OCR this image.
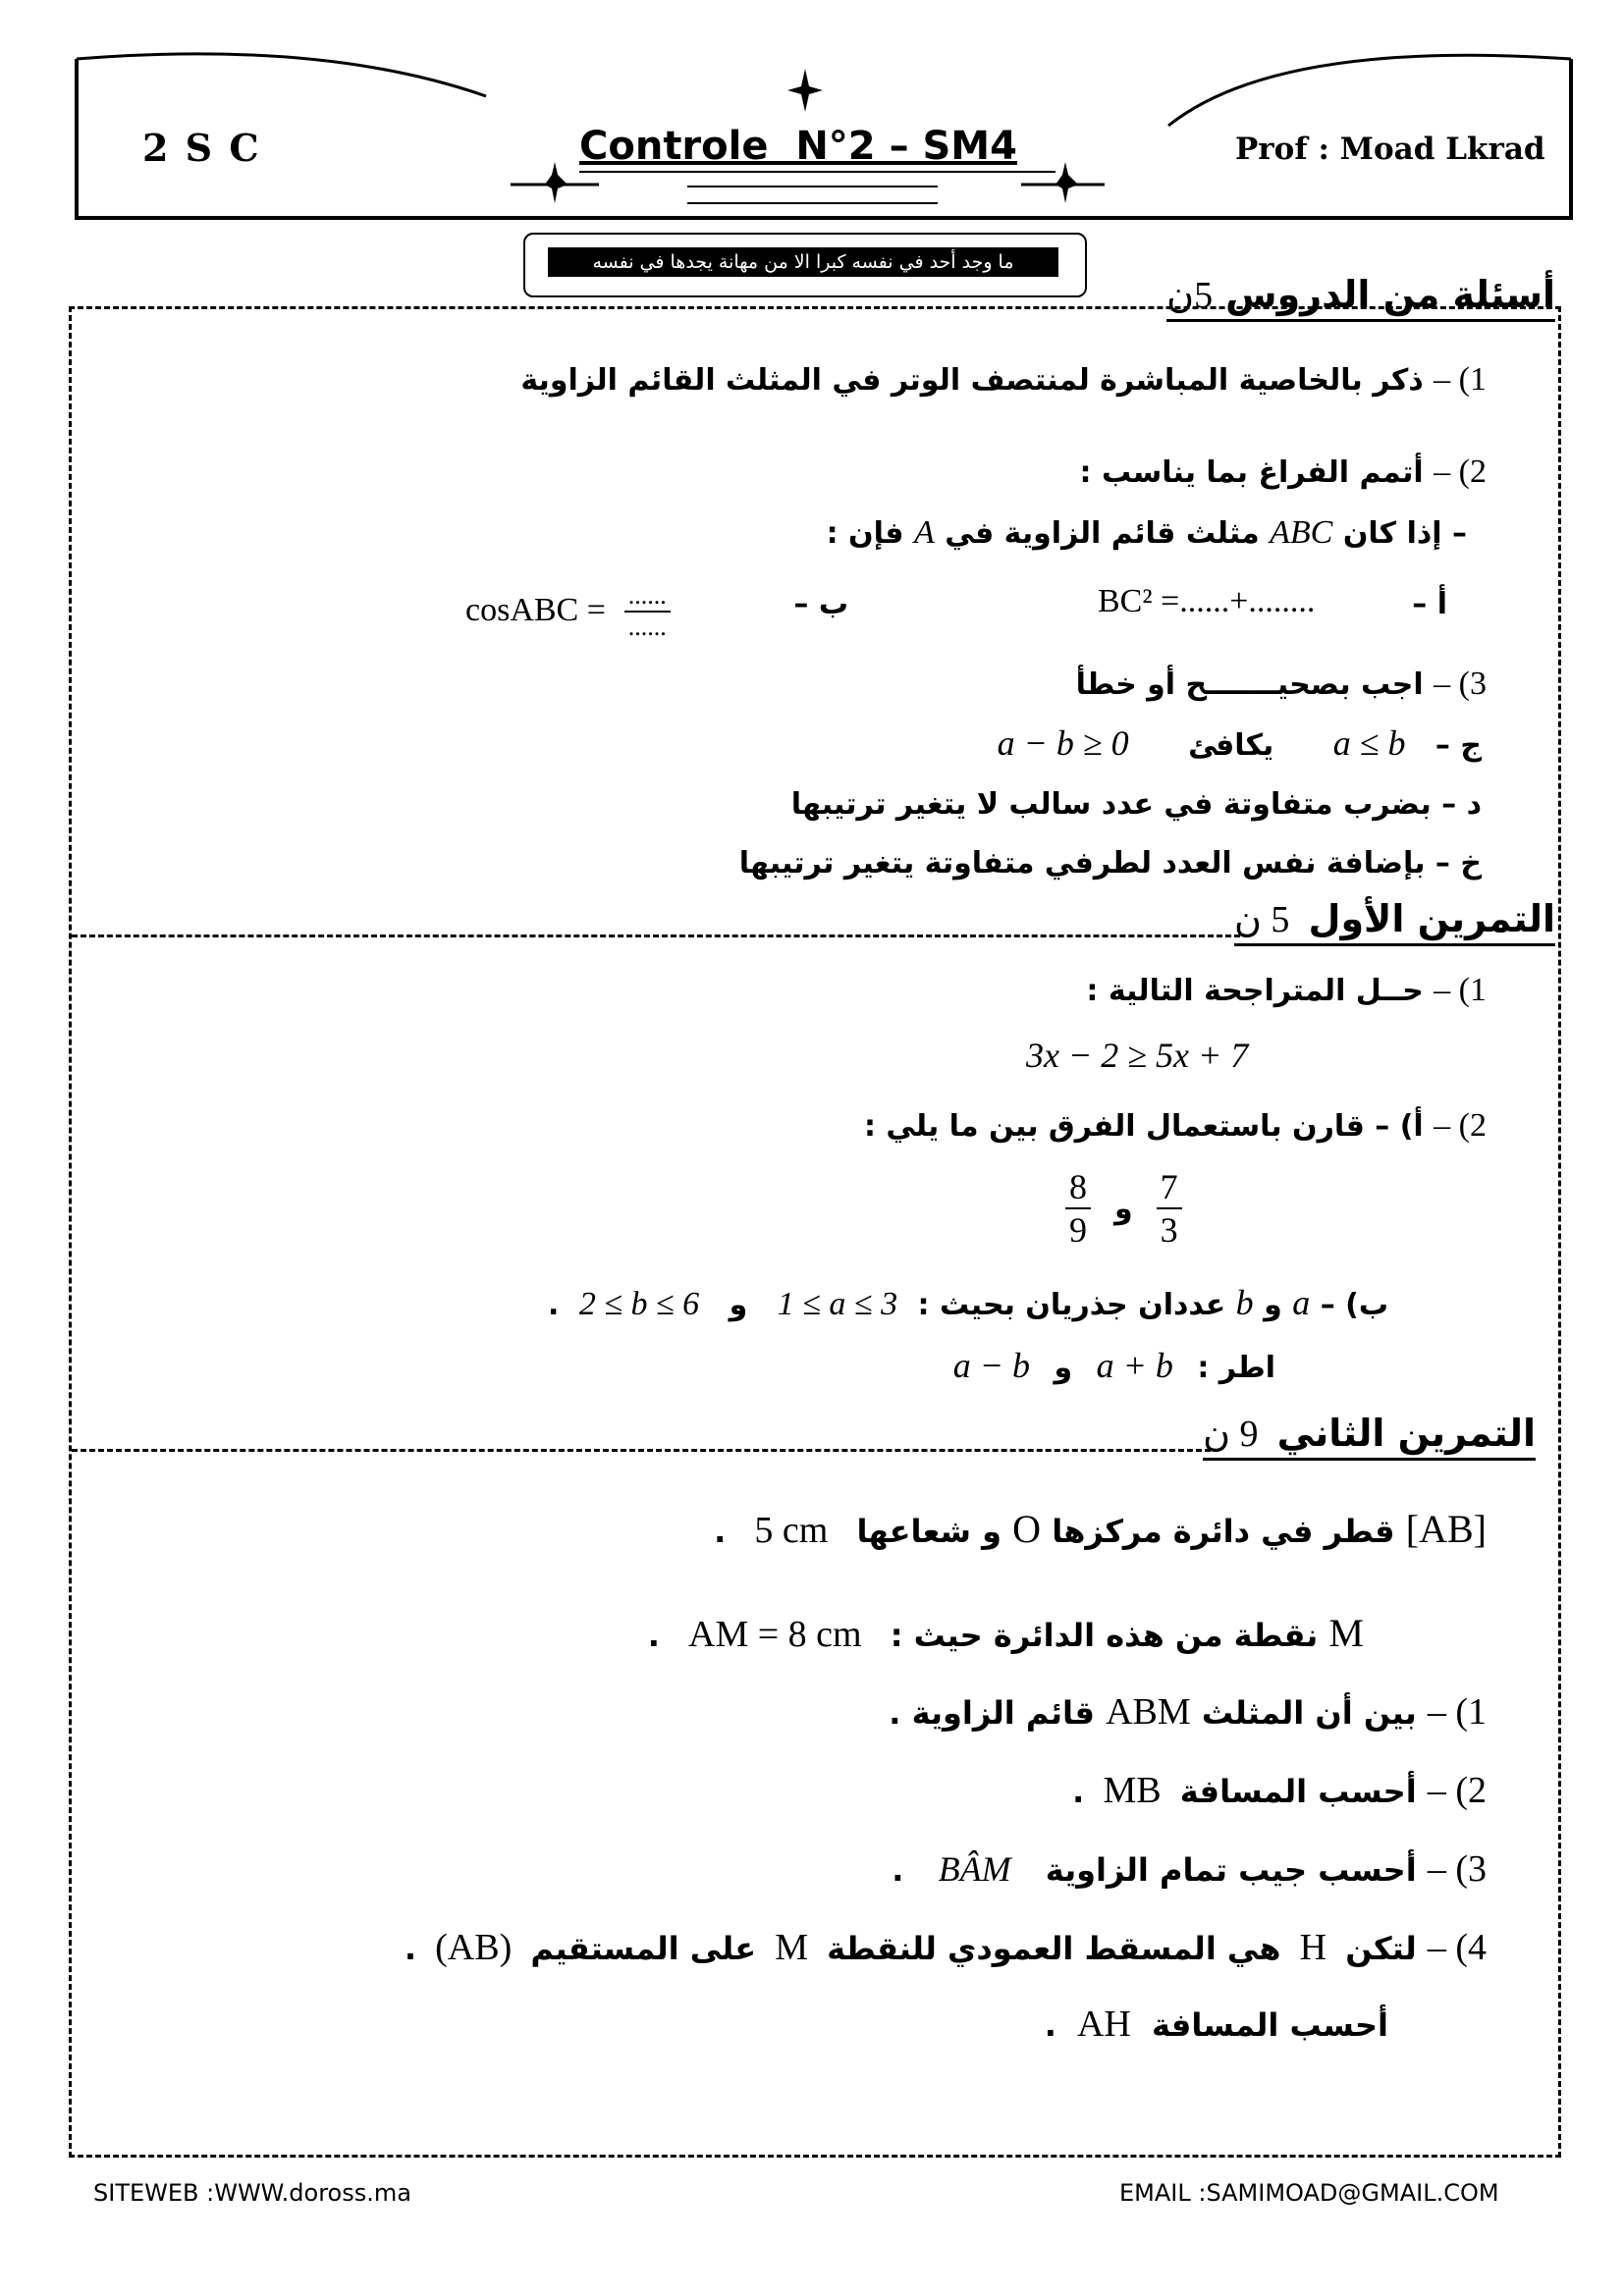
2 S C	Controle  N°2 – SM4	Prof : Moad Lkrad
ما وجد أحد في نفسه كبرا الا من مهانة يجدها في نفسه
أسئلة من الدروس 5ن
1) – ذكر بالخاصية المباشرة لمنتصف الوتر في المثلث القائم الزاوية
2) – أتمم الفراغ بما يناسب :
– إذا كان ABC مثلث قائم الزاوية في A فإن :
أ –
BC² =......+........
ب –
cosABC = $\frac{......}{......}$
3) – اجب بصحيـــــــح أو خطأ
ج – a ≤ b يكافئ a − b ≥ 0
د – بضرب متفاوتة في عدد سالب لا يتغير ترتيبها
خ – بإضافة نفس العدد لطرفي متفاوتة يتغير ترتيبها
التمرين الأول 5 ن
1) – حــل المتراجحة التالية :
3x − 2 ≥ 5x + 7
2) – أ) – قارن باستعمال الفرق بين ما يلي :
$\frac{8}{9}$ و $\frac{7}{3}$
ب) – a و b عددان جذريان بحيث : 1 ≤ a ≤ 3 و 2 ≤ b ≤ 6 .
اطر : a + b و a − b
التمرين الثاني 9 ن
[AB] قطر في دائرة مركزها O و شعاعها 5 cm .
M نقطة من هذه الدائرة حيث : AM = 8 cm .
1) – بين أن المثلث ABM قائم الزاوية .
2) – أحسب المسافة MB .
3) – أحسب جيب تمام الزاوية BÂM .
4) – لتكن H هي المسقط العمودي للنقطة M على المستقيم (AB) .
أحسب المسافة AH .
SITEWEB :WWW.doross.ma	EMAIL :SAMIMOAD@GMAIL.COM
